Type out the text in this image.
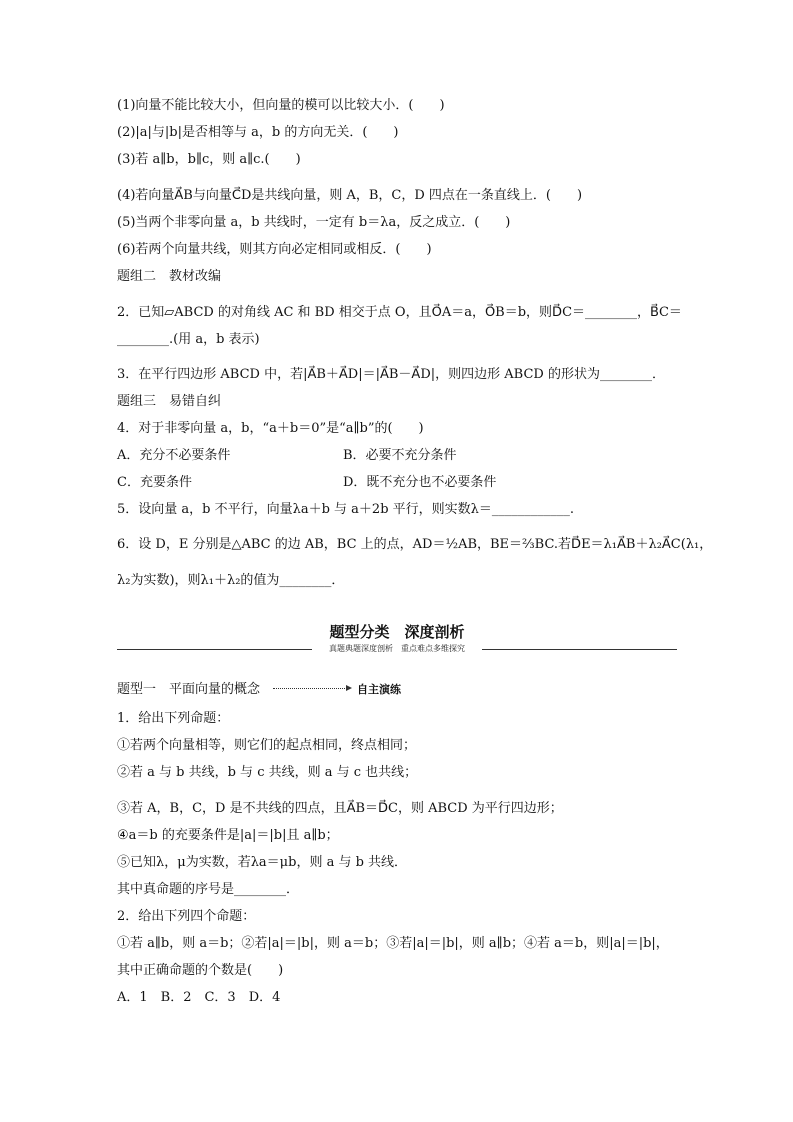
(1)向量不能比较大小，但向量的模可以比较大小．(　　)
(2)|a|与|b|是否相等与 a，b 的方向无关．(　　)
(3)若 a∥b，b∥c，则 a∥c.(　　)
(4)若向量A⃗B与向量C⃗D是共线向量，则 A，B，C，D 四点在一条直线上．(　　)
(5)当两个非零向量 a，b 共线时，一定有 b＝λa，反之成立．(　　)
(6)若两个向量共线，则其方向必定相同或相反．(　　)
题组二　教材改编
2．已知▱ABCD 的对角线 AC 和 BD 相交于点 O，且O⃗A＝a，O⃗B＝b，则D⃗C＝________，B⃗C＝
________.(用 a，b 表示)
3．在平行四边形 ABCD 中，若|A⃗B＋A⃗D|＝|A⃗B－A⃗D|，则四边形 ABCD 的形状为________．
题组三　易错自纠
4．对于非零向量 a，b，“a＋b＝0”是“a∥b”的(　　)
A．充分不必要条件	B．必要不充分条件
C．充要条件	D．既不充分也不必要条件
5．设向量 a，b 不平行，向量λa＋b 与 a＋2b 平行，则实数λ＝____________.
6．设 D，E 分别是△ABC 的边 AB，BC 上的点，AD＝½AB，BE＝⅔BC.若D⃗E＝λ₁A⃗B＋λ₂A⃗C(λ₁，
λ₂为实数)，则λ₁＋λ₂的值为________．
题型分类　深度剖析
真题典题深度剖析　重点难点多维探究
题型一　平面向量的概念	自主演练
1．给出下列命题：
①若两个向量相等，则它们的起点相同，终点相同；
②若 a 与 b 共线，b 与 c 共线，则 a 与 c 也共线；
③若 A，B，C，D 是不共线的四点，且A⃗B＝D⃗C，则 ABCD 为平行四边形；
④a＝b 的充要条件是|a|＝|b|且 a∥b；
⑤已知λ，μ为实数，若λa＝μb，则 a 与 b 共线．
其中真命题的序号是________．
2．给出下列四个命题：
①若 a∥b，则 a＝b；②若|a|＝|b|，则 a＝b；③若|a|＝|b|，则 a∥b；④若 a＝b，则|a|＝|b|，
其中正确命题的个数是(　　)
A．1　B．2　C．3　D．4
